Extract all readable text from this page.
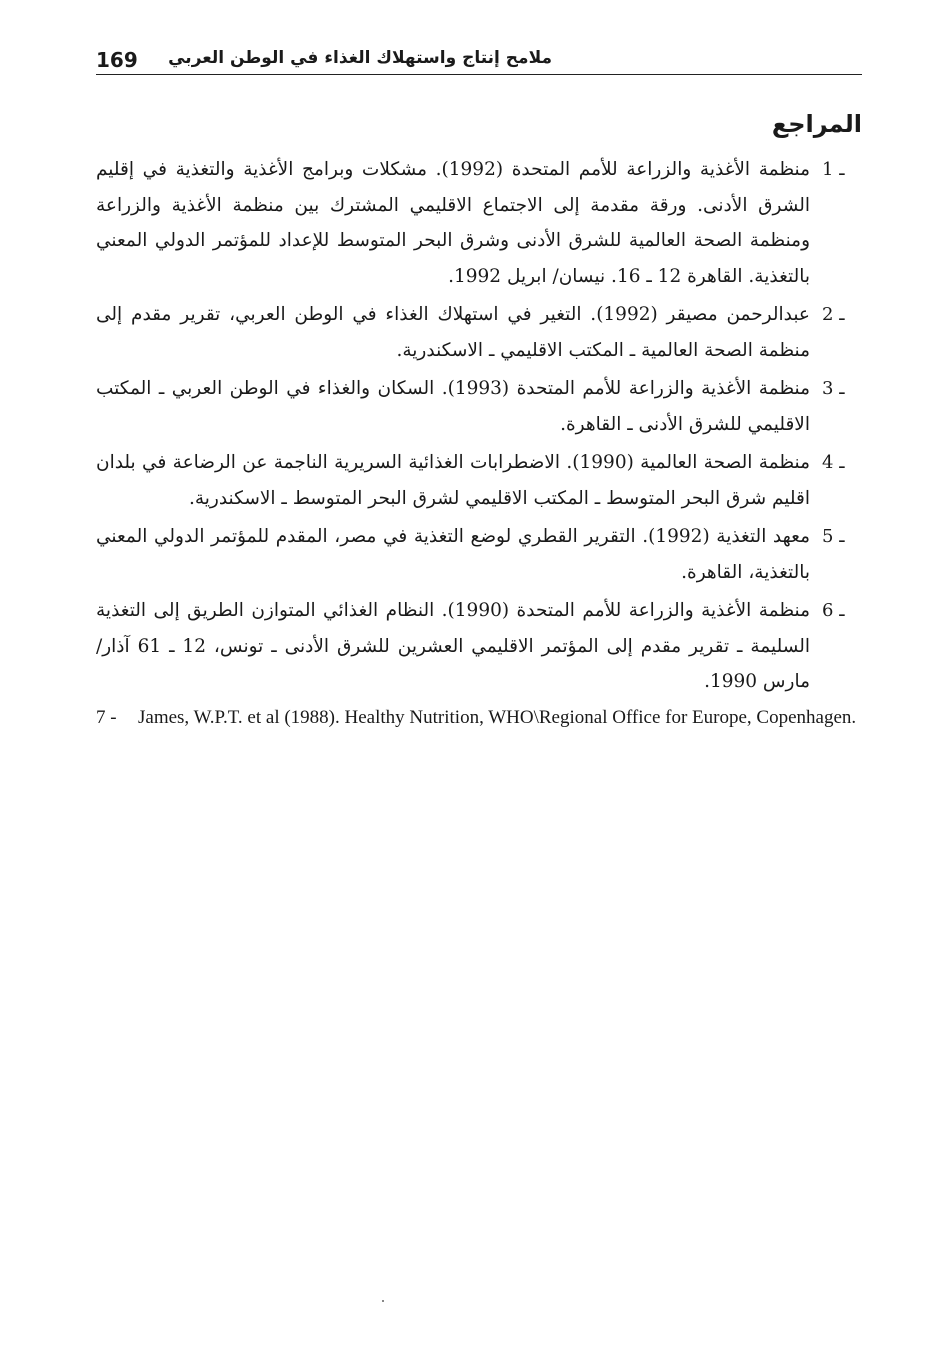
169 ملامح إنتاج واستهلاك الغذاء في الوطن العربي
المراجع
1 ـ
منظمة الأغذية والزراعة للأمم المتحدة (1992). مشكلات وبرامج الأغذية والتغذية في إقليم الشرق الأدنى. ورقة مقدمة إلى الاجتماع الاقليمي المشترك بين منظمة الأغذية والزراعة ومنظمة الصحة العالمية للشرق الأدنى وشرق البحر المتوسط للإعداد للمؤتمر الدولي المعني بالتغذية. القاهرة 12 ـ 16. نيسان/ ابريل 1992.
2 ـ
عبدالرحمن مصيقر (1992). التغير في استهلاك الغذاء في الوطن العربي، تقرير مقدم إلى منظمة الصحة العالمية ـ المكتب الاقليمي ـ الاسكندرية.
3 ـ
منظمة الأغذية والزراعة للأمم المتحدة (1993). السكان والغذاء في الوطن العربي ـ المكتب الاقليمي للشرق الأدنى ـ القاهرة.
4 ـ
منظمة الصحة العالمية (1990). الاضطرابات الغذائية السريرية الناجمة عن الرضاعة في بلدان اقليم شرق البحر المتوسط ـ المكتب الاقليمي لشرق البحر المتوسط ـ الاسكندرية.
5 ـ
معهد التغذية (1992). التقرير القطري لوضع التغذية في مصر، المقدم للمؤتمر الدولي المعني بالتغذية، القاهرة.
6 ـ
منظمة الأغذية والزراعة للأمم المتحدة (1990). النظام الغذائي المتوازن الطريق إلى التغذية السليمة ـ تقرير مقدم إلى المؤتمر الاقليمي العشرين للشرق الأدنى ـ تونس، 12 ـ 61 آذار/ مارس 1990.
7 - James, W.P.T. et al (1988). Healthy Nutrition, WHO\Regional Office for Europe, Copenhagen.
